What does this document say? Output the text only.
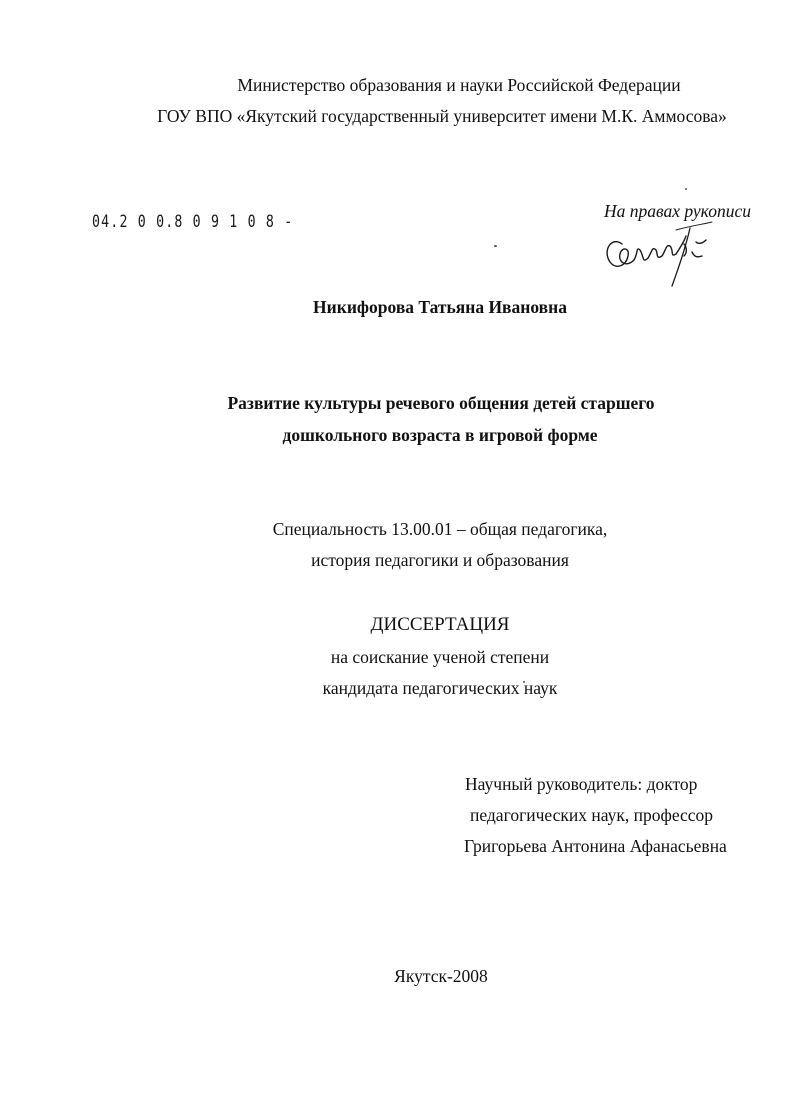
Министерство образования и науки Российской Федерации
ГОУ ВПО «Якутский государственный университет имени М.К. Аммосова»
04.2 0 0.8 0 9 1 0 8 -
На правах рукописи
Никифорова Татьяна Ивановна
Развитие культуры речевого общения детей старшего
дошкольного возраста в игровой форме
Специальность 13.00.01 – общая педагогика,
история педагогики и образования
ДИССЕРТАЦИЯ
на соискание ученой степени
кандидата педагогических наук
Научный руководитель: доктор
педагогических наук, профессор
Григорьева Антонина Афанасьевна
Якутск-2008
